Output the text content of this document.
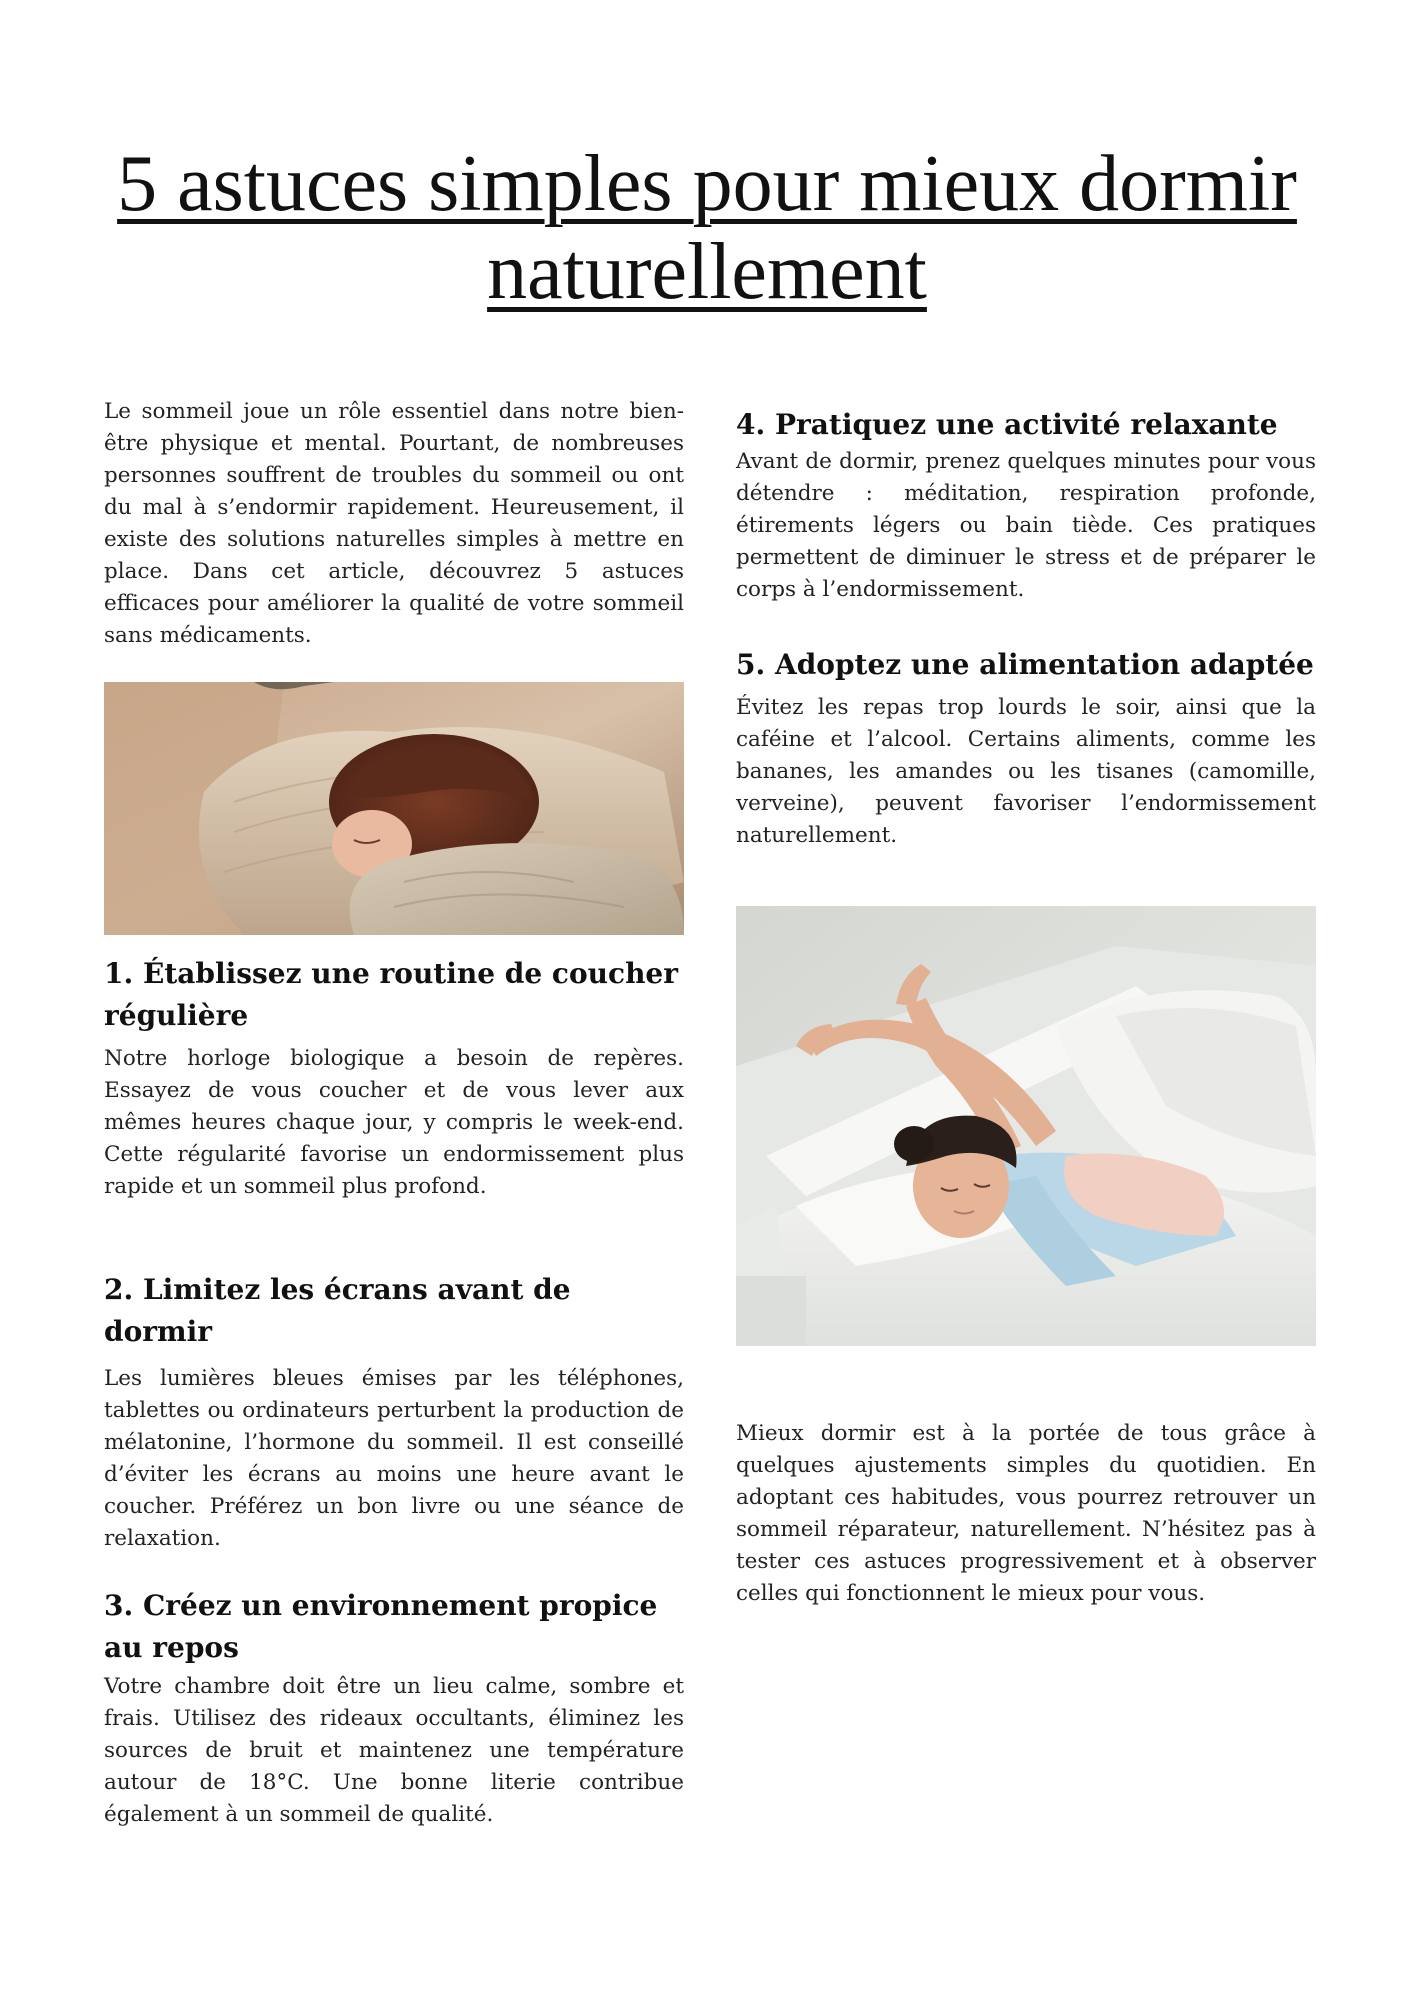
5 astuces simples pour mieux dormir naturellement

Le sommeil joue un rôle essentiel dans notre bien-être physique et mental. Pourtant, de nombreuses personnes souffrent de troubles du sommeil ou ont du mal à s’endormir rapidement. Heureusement, il existe des solutions naturelles simples à mettre en place. Dans cet article, découvrez 5 astuces efficaces pour améliorer la qualité de votre sommeil sans médicaments.

1. Établissez une routine de coucher régulière

Notre horloge biologique a besoin de repères. Essayez de vous coucher et de vous lever aux mêmes heures chaque jour, y compris le week-end. Cette régularité favorise un endormissement plus rapide et un sommeil plus profond.

2. Limitez les écrans avant de dormir

Les lumières bleues émises par les téléphones, tablettes ou ordinateurs perturbent la production de mélatonine, l’hormone du sommeil. Il est conseillé d’éviter les écrans au moins une heure avant le coucher. Préférez un bon livre ou une séance de relaxation.

3. Créez un environnement propice au repos

Votre chambre doit être un lieu calme, sombre et frais. Utilisez des rideaux occultants, éliminez les sources de bruit et maintenez une température autour de 18°C. Une bonne literie contribue également à un sommeil de qualité.

4. Pratiquez une activité relaxante

Avant de dormir, prenez quelques minutes pour vous détendre : méditation, respiration profonde, étirements légers ou bain tiède. Ces pratiques permettent de diminuer le stress et de préparer le corps à l’endormissement.

5. Adoptez une alimentation adaptée

Évitez les repas trop lourds le soir, ainsi que la caféine et l’alcool. Certains aliments, comme les bananes, les amandes ou les tisanes (camomille, verveine), peuvent favoriser l’endormissement naturellement.

Mieux dormir est à la portée de tous grâce à quelques ajustements simples du quotidien. En adoptant ces habitudes, vous pourrez retrouver un sommeil réparateur, naturellement. N’hésitez pas à tester ces astuces progressivement et à observer celles qui fonctionnent le mieux pour vous.
